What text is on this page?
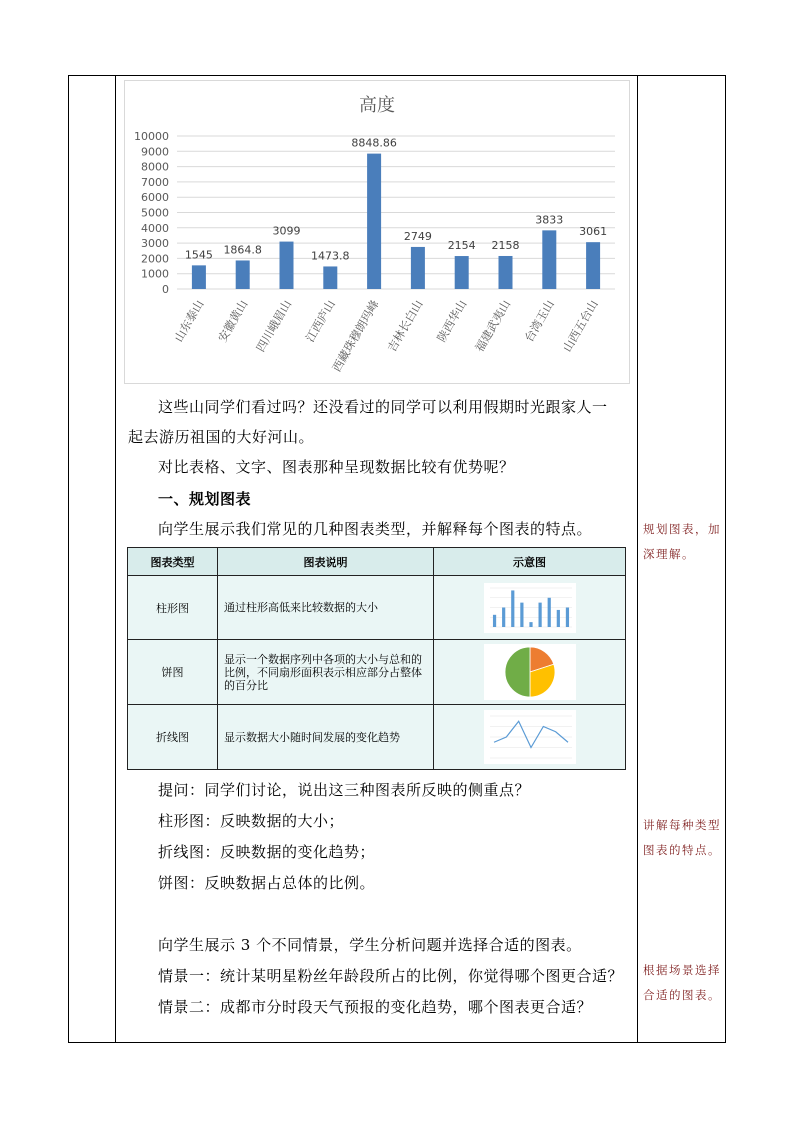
高度
0
1000
2000
3000
4000
5000
6000
7000
8000
9000
10000
1545
山东泰山
1864.8
安徽黄山
3099
四川峨眉山
1473.8
江西庐山
8848.86
西藏珠穆朗玛峰
2749
吉林长白山
2154
陕西华山
2158
福建武夷山
3833
台湾玉山
3061
山西五台山
这些山同学们看过吗？还没看过的同学可以利用假期时光跟家人一
起去游历祖国的大好河山。
对比表格、文字、图表那种呈现数据比较有优势呢？
一、规划图表
向学生展示我们常见的几种图表类型，并解释每个图表的特点。
图表类型	图表说明	示意图
柱形图	通过柱形高低来比较数据的大小	
饼图	显示一个数据序列中各项的大小与总和的比例，不同扇形面积表示相应部分占整体的百分比	
折线图	显示数据大小随时间发展的变化趋势	
提问：同学们讨论，说出这三种图表所反映的侧重点？
柱形图：反映数据的大小；
折线图：反映数据的变化趋势；
饼图：反映数据占总体的比例。
向学生展示 3 个不同情景，学生分析问题并选择合适的图表。
情景一：统计某明星粉丝年龄段所占的比例，你觉得哪个图更合适？
情景二：成都市分时段天气预报的变化趋势，哪个图表更合适？
规划图表，加深理解。
讲解每种类型图表的特点。
根据场景选择合适的图表。
